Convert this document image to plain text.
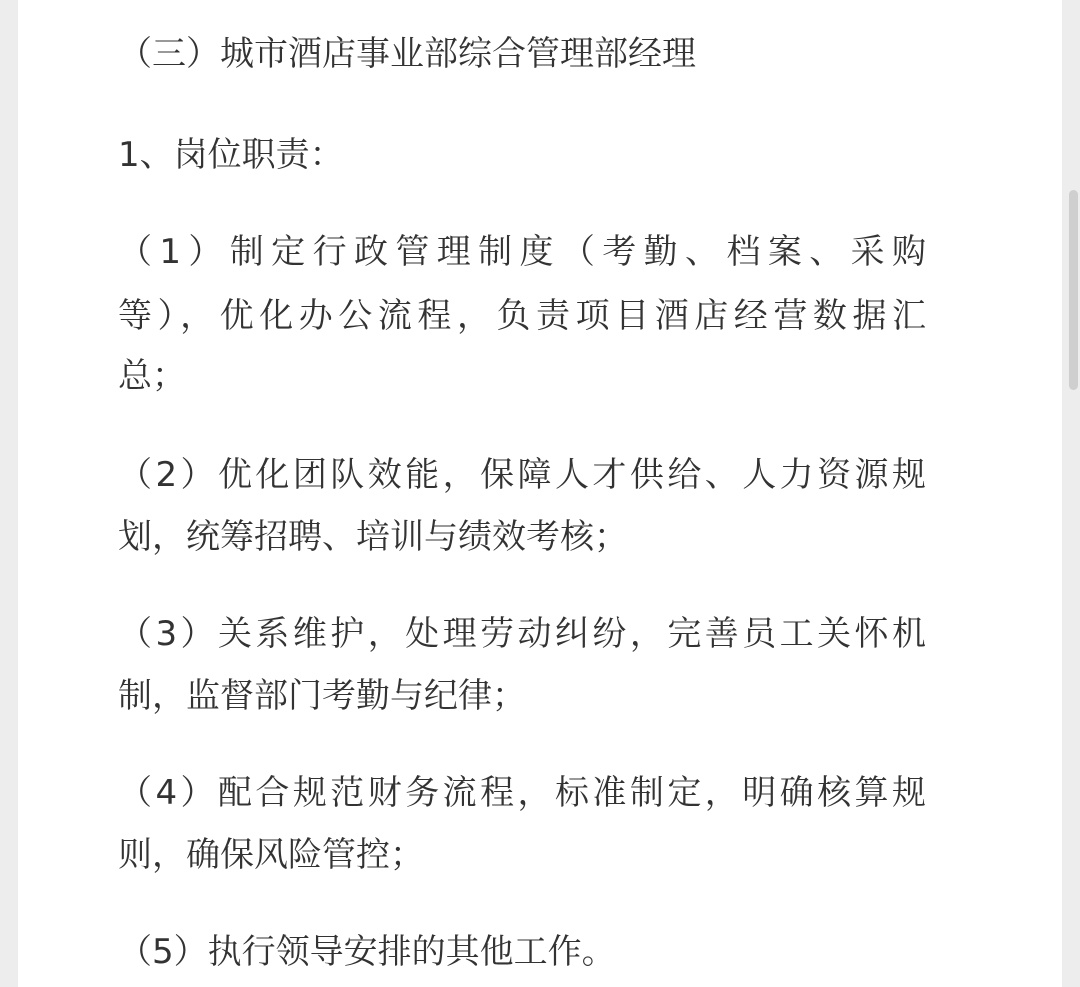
（三）城市酒店事业部综合管理部经理
1、岗位职责：
（1）制定行政管理制度（考勤、档案、采购
等），优化办公流程，负责项目酒店经营数据汇
总；
（2）优化团队效能，保障人才供给、人力资源规
划，统筹招聘、培训与绩效考核；
（3）关系维护，处理劳动纠纷，完善员工关怀机
制，监督部门考勤与纪律；
（4）配合规范财务流程，标准制定，明确核算规
则，确保风险管控；
（5）执行领导安排的其他工作。
